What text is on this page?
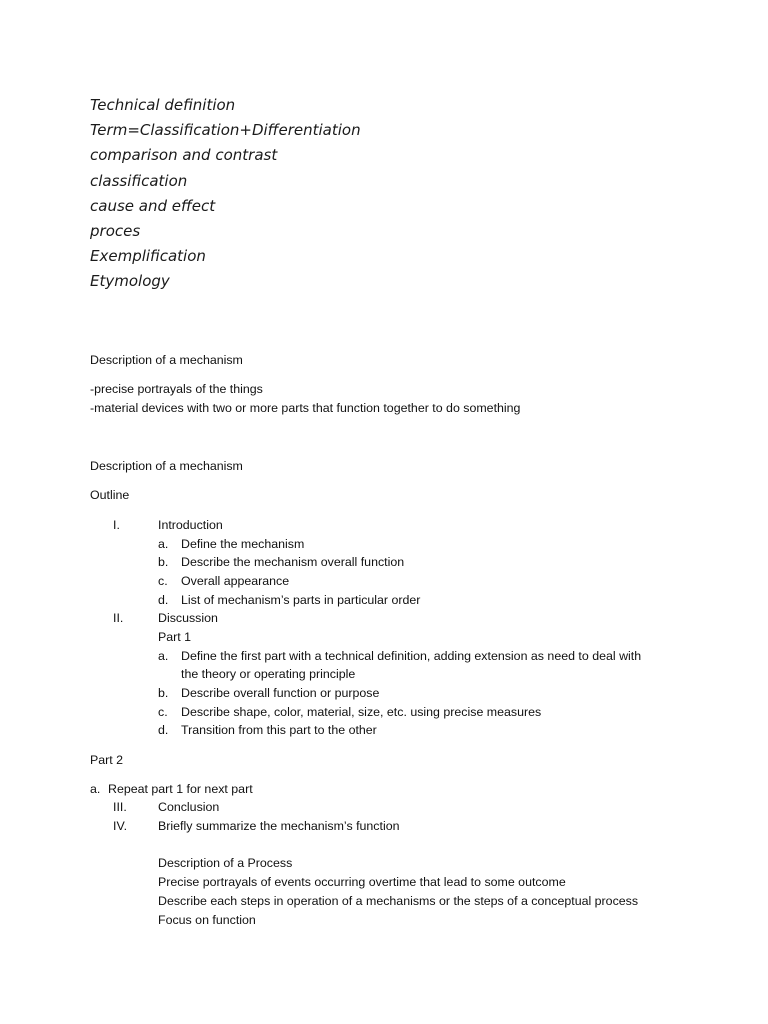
Technical definition
Term=Classification+Differentiation
comparison and contrast
classification
cause and effect
proces
Exemplification
Etymology
Description of a mechanism
-precise portrayals of the things
-material devices with two or more parts that function together to do something
Description of a mechanism
Outline
I.	Introduction
a. Define the mechanism
b. Describe the mechanism overall function
c. Overall appearance
d. List of mechanism’s parts in particular order
II.	Discussion
Part 1
a. Define the first part with a technical definition, adding extension as need to deal with
the theory or operating principle
b. Describe overall function or purpose
c. Describe shape, color, material, size, etc. using precise measures
d. Transition from this part to the other
Part 2
a. Repeat part 1 for next part
III.	Conclusion
IV. Briefly summarize the mechanism’s function
Description of a Process
Precise portrayals of events occurring overtime that lead to some outcome
Describe each steps in operation of a mechanisms or the steps of a conceptual process
Focus on function
